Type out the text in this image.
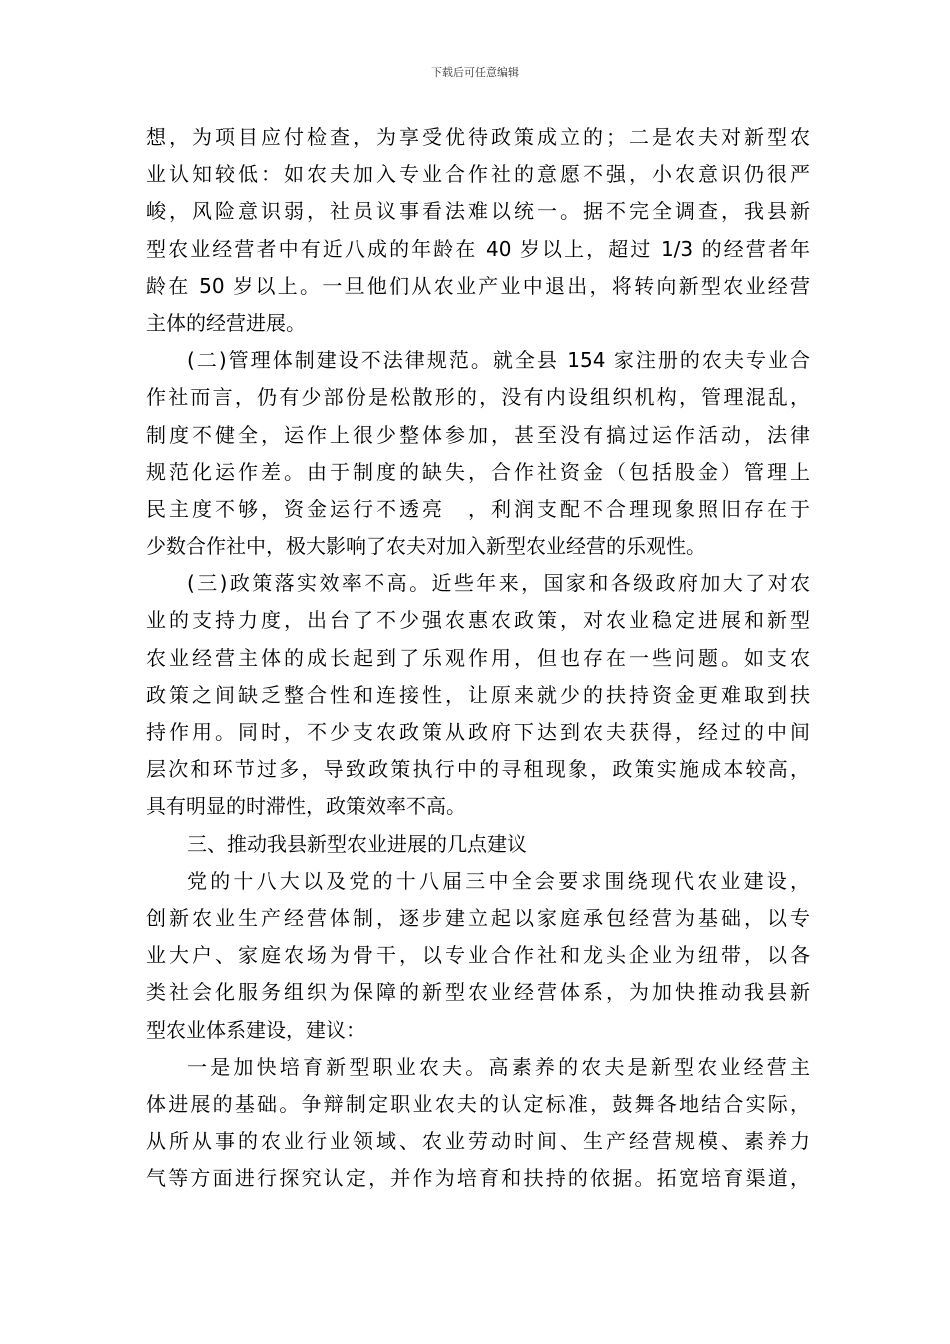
下载后可任意编辑
想，为项目应付检查，为享受优待政策成立的；二是农夫对新型农
业认知较低：如农夫加入专业合作社的意愿不强，小农意识仍很严
峻，风险意识弱，社员议事看法难以统一。据不完全调查，我县新
型农业经营者中有近八成的年龄在 40 岁以上，超过 1/3 的经营者年
龄在 50 岁以上。一旦他们从农业产业中退出，将转向新型农业经营
主体的经营进展。
(二)管理体制建设不法律规范。就全县 154 家注册的农夫专业合
作社而言，仍有少部份是松散形的，没有内设组织机构，管理混乱，
制度不健全，运作上很少整体参加，甚至没有搞过运作活动，法律
规范化运作差。由于制度的缺失，合作社资金（包括股金）管理上
民主度不够，资金运行不透亮　，利润支配不合理现象照旧存在于
少数合作社中，极大影响了农夫对加入新型农业经营的乐观性。
(三)政策落实效率不高。近些年来，国家和各级政府加大了对农
业的支持力度，出台了不少强农惠农政策，对农业稳定进展和新型
农业经营主体的成长起到了乐观作用，但也存在一些问题。如支农
政策之间缺乏整合性和连接性，让原来就少的扶持资金更难取到扶
持作用。同时，不少支农政策从政府下达到农夫获得，经过的中间
层次和环节过多，导致政策执行中的寻租现象，政策实施成本较高，
具有明显的时滞性，政策效率不高。
三、推动我县新型农业进展的几点建议
党的十八大以及党的十八届三中全会要求围绕现代农业建设，
创新农业生产经营体制，逐步建立起以家庭承包经营为基础，以专
业大户、家庭农场为骨干，以专业合作社和龙头企业为纽带，以各
类社会化服务组织为保障的新型农业经营体系，为加快推动我县新
型农业体系建设，建议：
一是加快培育新型职业农夫。高素养的农夫是新型农业经营主
体进展的基础。争辩制定职业农夫的认定标准，鼓舞各地结合实际，
从所从事的农业行业领域、农业劳动时间、生产经营规模、素养力
气等方面进行探究认定，并作为培育和扶持的依据。拓宽培育渠道，
